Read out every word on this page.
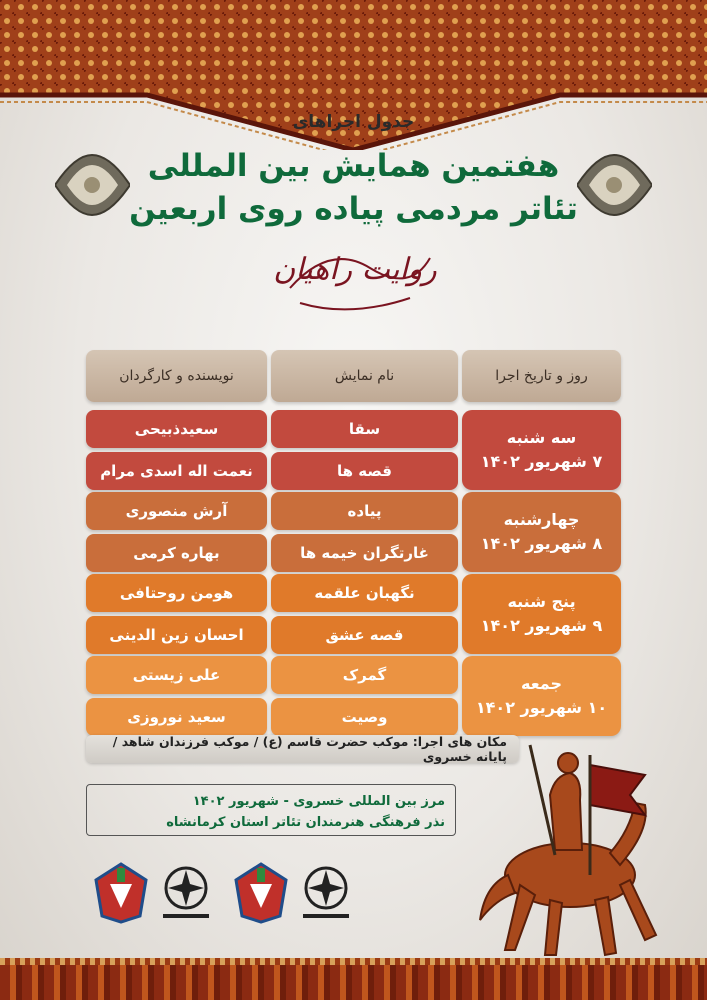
جدول اجراهای
هفتمین همایش بین المللی
تئاتر مردمی پیاده روی اربعین
روایت راهیان
روز و تاریخ اجرا
نام نمایش
نویسنده و کارگردان
سه شنبه
۷ شهریور ۱۴۰۲
سقا
سعیدذبیحی
قصه ها
نعمت اله اسدی مرام
چهارشنبه
۸ شهریور ۱۴۰۲
پیاده
آرش منصوری
غارتگران خیمه ها
بهاره کرمی
پنج شنبه
۹ شهریور ۱۴۰۲
نگهبان علقمه
هومن روحتافی
قصه عشق
احسان زین الدینی
جمعه
۱۰ شهریور ۱۴۰۲
گمرک
علی زیستی
وصیت
سعید نوروزی
مکان های اجرا: موکب حضرت قاسم (ع) / موکب فرزندان شاهد / پایانه خسروی
مرز بین المللی خسروی - شهریور ۱۴۰۲
نذر فرهنگی هنرمندان تئاتر استان کرمانشاه
